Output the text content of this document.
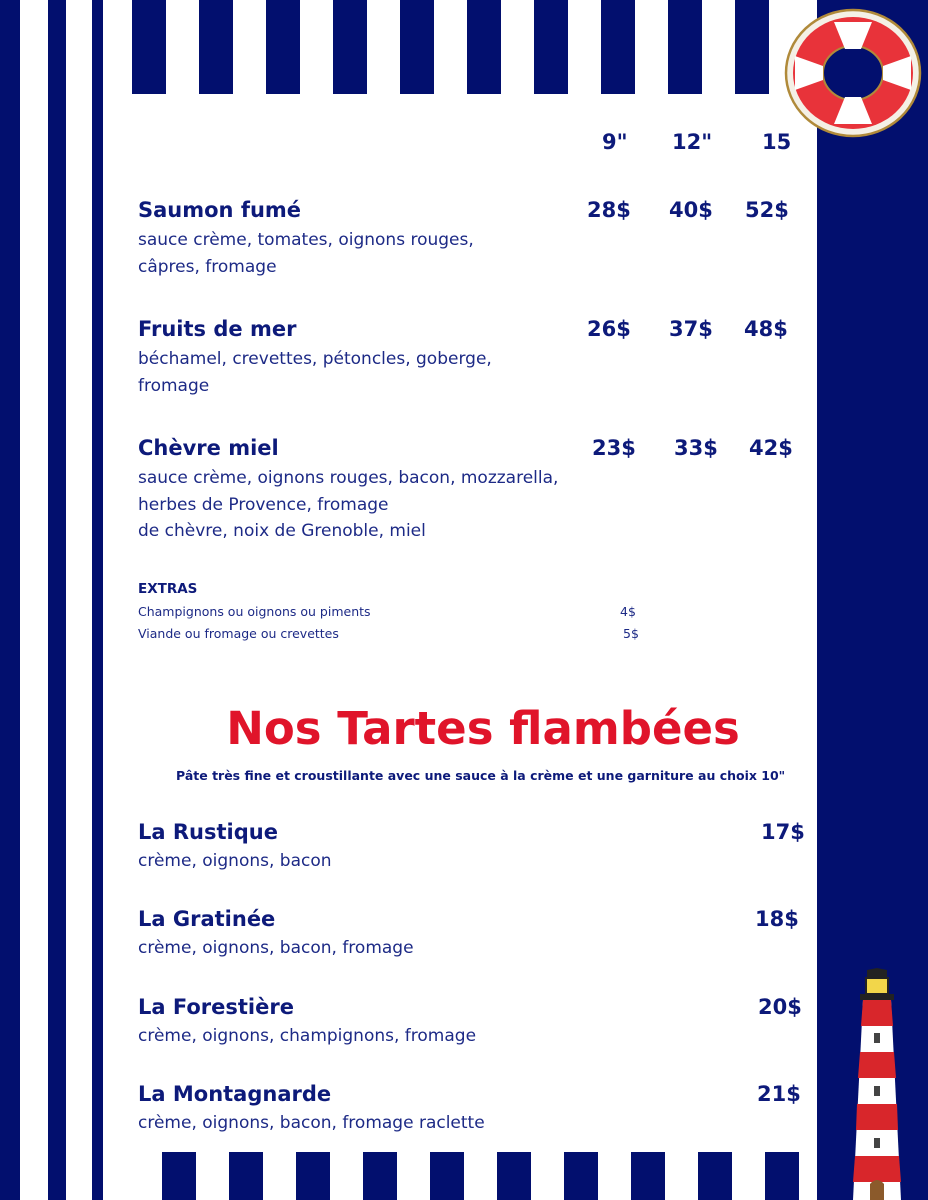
9" 12" 15
Saumon fumé
sauce crème, tomates, oignons rouges,
câpres, fromage
28$ 40$ 52$
Fruits de mer
béchamel, crevettes, pétoncles, goberge,
fromage
26$ 37$ 48$
Chèvre miel
sauce crème, oignons rouges, bacon, mozzarella,
herbes de Provence, fromage
de chèvre, noix de Grenoble, miel
23$ 33$ 42$
EXTRAS
Champignons ou oignons ou piments	4$
Viande ou fromage ou crevettes	5$
Nos Tartes flambées
Pâte très fine et croustillante avec une sauce à la crème et une garniture au choix 10"
La Rustique
crème, oignons, bacon
17$
La Gratinée
crème, oignons, bacon, fromage
18$
La Forestière
crème, oignons, champignons, fromage
20$
La Montagnarde
crème, oignons, bacon, fromage raclette
21$
